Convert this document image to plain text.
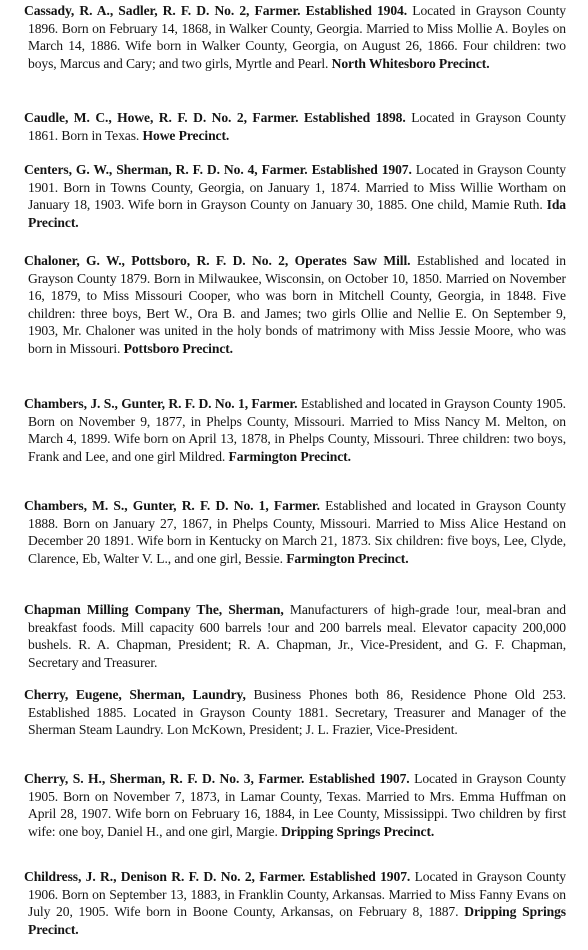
Cassady, R. A., Sadler, R. F. D. No. 2, Farmer. Established 1904. Located in Grayson County 1896. Born on February 14, 1868, in Walker County, Georgia. Married to Miss Mollie A. Boyles on March 14, 1886. Wife born in Walker County, Georgia, on August 26, 1866. Four children: two boys, Marcus and Cary; and two girls, Myrtle and Pearl. North Whitesboro Precinct.

Caudle, M. C., Howe, R. F. D. No. 2, Farmer. Established 1898. Located in Grayson County 1861. Born in Texas. Howe Precinct.

Centers, G. W., Sherman, R. F. D. No. 4, Farmer. Established 1907. Located in Grayson County 1901. Born in Towns County, Georgia, on January 1, 1874. Married to Miss Willie Wortham on January 18, 1903. Wife born in Grayson County on January 30, 1885. One child, Mamie Ruth. Ida Precinct.

Chaloner, G. W., Pottsboro, R. F. D. No. 2, Operates Saw Mill. Established and located in Grayson County 1879. Born in Milwaukee, Wisconsin, on October 10, 1850. Married on November 16, 1879, to Miss Missouri Cooper, who was born in Mitchell County, Georgia, in 1848. Five children: three boys, Bert W., Ora B. and James; two girls Ollie and Nellie E. On September 9, 1903, Mr. Chaloner was united in the holy bonds of matrimony with Miss Jessie Moore, who was born in Missouri. Pottsboro Precinct.

Chambers, J. S., Gunter, R. F. D. No. 1, Farmer. Established and located in Grayson County 1905. Born on November 9, 1877, in Phelps County, Missouri. Married to Miss Nancy M. Melton, on March 4, 1899. Wife born on April 13, 1878, in Phelps County, Missouri. Three children: two boys, Frank and Lee, and one girl Mildred. Farmington Precinct.

Chambers, M. S., Gunter, R. F. D. No. 1, Farmer. Established and located in Grayson County 1888. Born on January 27, 1867, in Phelps County, Missouri. Married to Miss Alice Hestand on December 20 1891. Wife born in Kentucky on March 21, 1873. Six children: five boys, Lee, Clyde, Clarence, Eb, Walter V. L., and one girl, Bessie. Farmington Precinct.

Chapman Milling Company The, Sherman, Manufacturers of high-grade !our, meal-bran and breakfast foods. Mill capacity 600 barrels !our and 200 barrels meal. Elevator capacity 200,000 bushels. R. A. Chapman, President; R. A. Chapman, Jr., Vice-President, and G. F. Chapman, Secretary and Treasurer.

Cherry, Eugene, Sherman, Laundry, Business Phones both 86, Residence Phone Old 253. Established 1885. Located in Grayson County 1881. Secretary, Treasurer and Manager of the Sherman Steam Laundry. Lon McKown, President; J. L. Frazier, Vice-President.

Cherry, S. H., Sherman, R. F. D. No. 3, Farmer. Established 1907. Located in Grayson County 1905. Born on November 7, 1873, in Lamar County, Texas. Married to Mrs. Emma Huffman on April 28, 1907. Wife born on February 16, 1884, in Lee County, Mississippi. Two children by first wife: one boy, Daniel H., and one girl, Margie. Dripping Springs Precinct.

Childress, J. R., Denison R. F. D. No. 2, Farmer. Established 1907. Located in Grayson County 1906. Born on September 13, 1883, in Franklin County, Arkansas. Married to Miss Fanny Evans on July 20, 1905. Wife born in Boone County, Arkansas, on February 8, 1887. Dripping Springs Precinct.
